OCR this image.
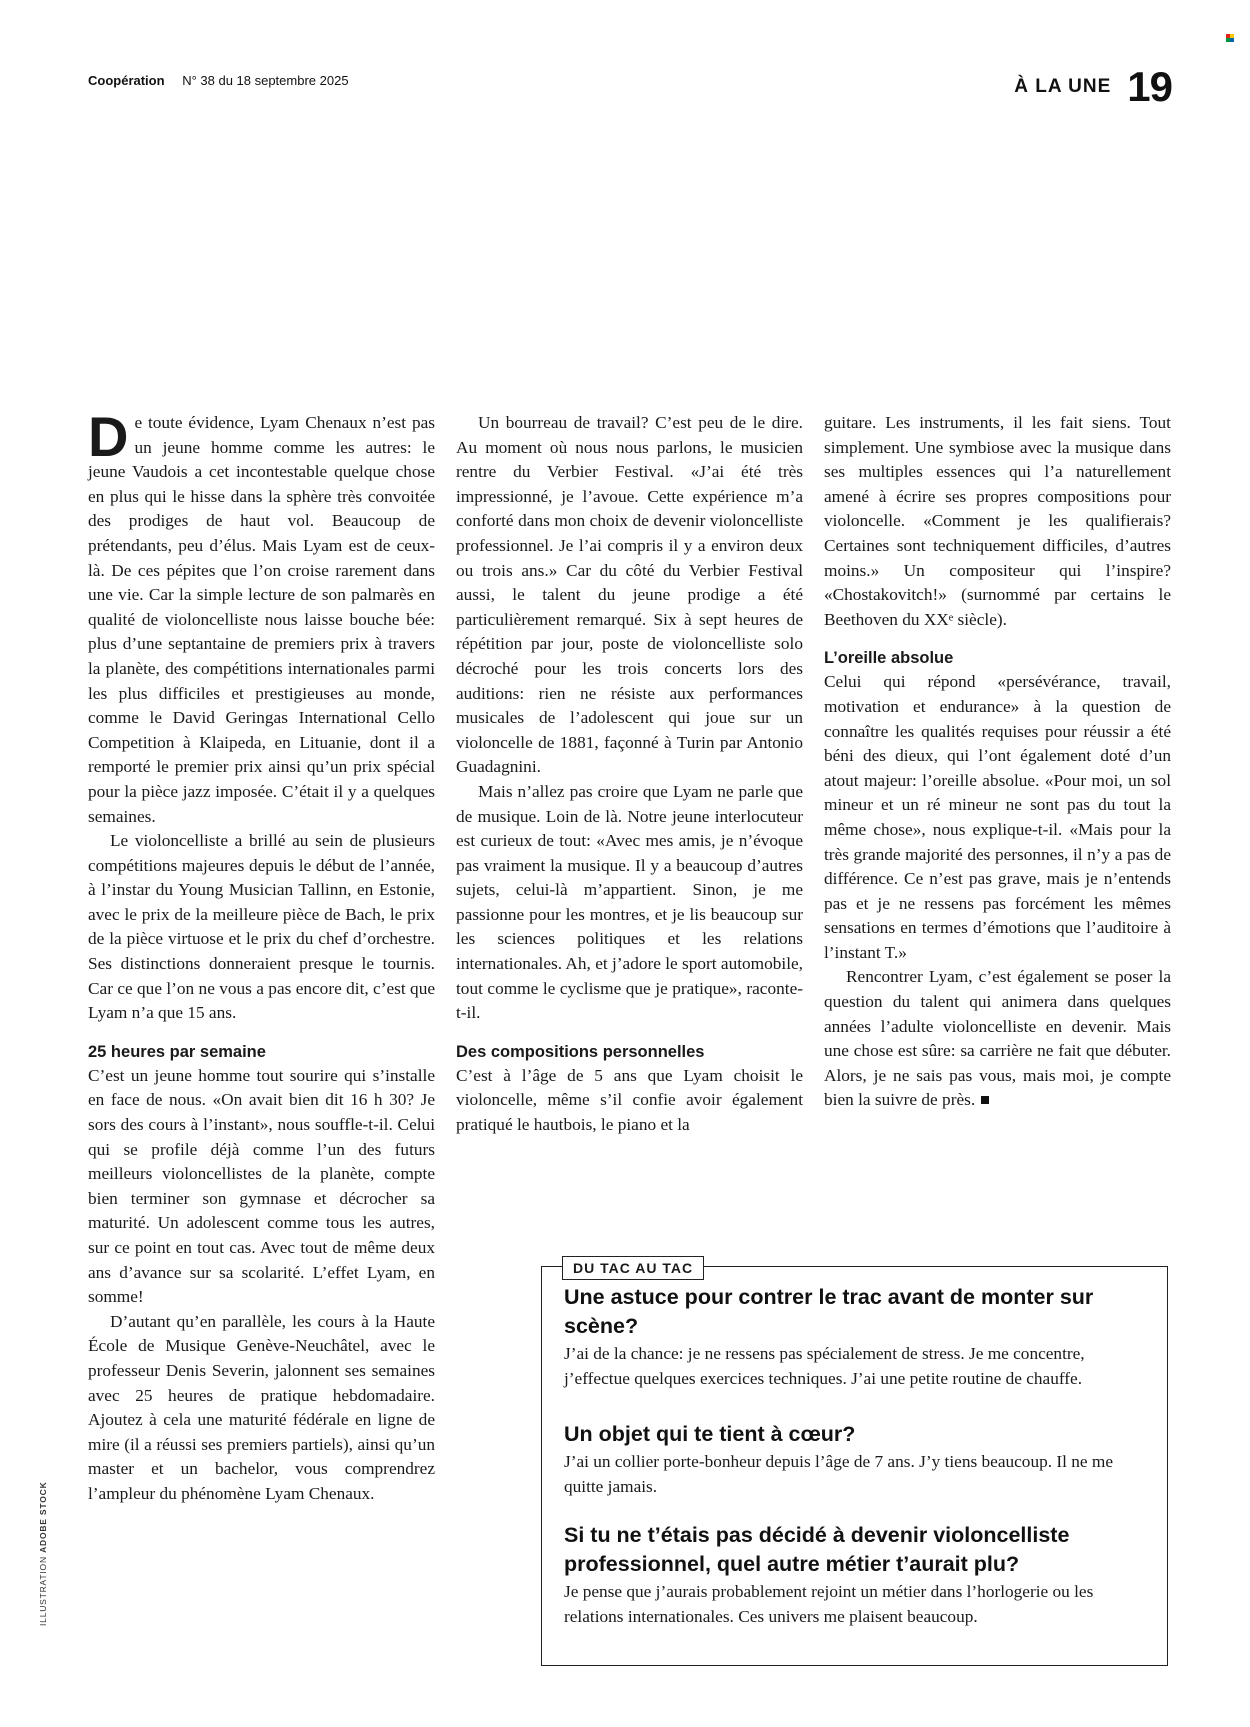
Coopération N° 38 du 18 septembre 2025	À LA UNE 19
ILLUSTRATION ADOBE STOCK

De toute évidence, Lyam Chenaux n’est pas un jeune homme comme les autres: le jeune Vaudois a cet incontestable quelque chose en plus qui le hisse dans la sphère très convoitée des prodiges de haut vol. Beaucoup de prétendants, peu d’élus. Mais Lyam est de ceux-là. De ces pépites que l’on croise rarement dans une vie. Car la simple lecture de son palmarès en qualité de violoncelliste nous laisse bouche bée: plus d’une septantaine de premiers prix à travers la planète, des compétitions internationales parmi les plus difficiles et prestigieuses au monde, comme le David Geringas International Cello Competition à Klaipeda, en Lituanie, dont il a remporté le premier prix ainsi qu’un prix spécial pour la pièce jazz imposée. C’était il y a quelques semaines.

Le violoncelliste a brillé au sein de plusieurs compétitions majeures depuis le début de l’année, à l’instar du Young Musician Tallinn, en Estonie, avec le prix de la meilleure pièce de Bach, le prix de la pièce virtuose et le prix du chef d’orchestre. Ses distinctions donneraient presque le tournis. Car ce que l’on ne vous a pas encore dit, c’est que Lyam n’a que 15 ans.

25 heures par semaine

C’est un jeune homme tout sourire qui s’installe en face de nous. «On avait bien dit 16 h 30? Je sors des cours à l’instant», nous souffle-t-il. Celui qui se profile déjà comme l’un des futurs meilleurs violoncellistes de la planète, compte bien terminer son gymnase et décrocher sa maturité. Un adolescent comme tous les autres, sur ce point en tout cas. Avec tout de même deux ans d’avance sur sa scolarité. L’effet Lyam, en somme!

D’autant qu’en parallèle, les cours à la Haute École de Musique Genève-Neuchâtel, avec le professeur Denis Severin, jalonnent ses semaines avec 25 heures de pratique hebdomadaire. Ajoutez à cela une maturité fédérale en ligne de mire (il a réussi ses premiers partiels), ainsi qu’un master et un bachelor, vous comprendrez l’ampleur du phénomène Lyam Chenaux.

Un bourreau de travail? C’est peu de le dire. Au moment où nous nous parlons, le musicien rentre du Verbier Festival. «J’ai été très impressionné, je l’avoue. Cette expérience m’a conforté dans mon choix de devenir violoncelliste professionnel. Je l’ai compris il y a environ deux ou trois ans.» Car du côté du Verbier Festival aussi, le talent du jeune prodige a été particulièrement remarqué. Six à sept heures de répétition par jour, poste de violoncelliste solo décroché pour les trois concerts lors des auditions: rien ne résiste aux performances musicales de l’adolescent qui joue sur un violoncelle de 1881, façonné à Turin par Antonio Guadagnini.

Mais n’allez pas croire que Lyam ne parle que de musique. Loin de là. Notre jeune interlocuteur est curieux de tout: «Avec mes amis, je n’évoque pas vraiment la musique. Il y a beaucoup d’autres sujets, celui-là m’appartient. Sinon, je me passionne pour les montres, et je lis beaucoup sur les sciences politiques et les relations internationales. Ah, et j’adore le sport automobile, tout comme le cyclisme que je pratique», raconte-t-il.

Des compositions personnelles

C’est à l’âge de 5 ans que Lyam choisit le violoncelle, même s’il confie avoir également pratiqué le hautbois, le piano et la

guitare. Les instruments, il les fait siens. Tout simplement. Une symbiose avec la musique dans ses multiples essences qui l’a naturellement amené à écrire ses propres compositions pour violoncelle. «Comment je les qualifierais? Certaines sont techniquement difficiles, d’autres moins.» Un compositeur qui l’inspire? «Chostakovitch!» (surnommé par certains le Beethoven du XXᵉ siècle).

L’oreille absolue

Celui qui répond «persévérance, travail, motivation et endurance» à la question de connaître les qualités requises pour réussir a été béni des dieux, qui l’ont également doté d’un atout majeur: l’oreille absolue. «Pour moi, un sol mineur et un ré mineur ne sont pas du tout la même chose», nous explique-t-il. «Mais pour la très grande majorité des personnes, il n’y a pas de différence. Ce n’est pas grave, mais je n’entends pas et je ne ressens pas forcément les mêmes sensations en termes d’émotions que l’auditoire à l’instant T.»

Rencontrer Lyam, c’est également se poser la question du talent qui animera dans quelques années l’adulte violoncelliste en devenir. Mais une chose est sûre: sa carrière ne fait que débuter. Alors, je ne sais pas vous, mais moi, je compte bien la suivre de près.

DU TAC AU TAC

Une astuce pour contrer le trac avant de monter sur scène?

J’ai de la chance: je ne ressens pas spécialement de stress. Je me concentre, j’effectue quelques exercices techniques. J’ai une petite routine de chauffe.

Un objet qui te tient à cœur?

J’ai un collier porte-bonheur depuis l’âge de 7 ans. J’y tiens beaucoup. Il ne me quitte jamais.

Si tu ne t’étais pas décidé à devenir violoncelliste professionnel, quel autre métier t’aurait plu?

Je pense que j’aurais probablement rejoint un métier dans l’horlogerie ou les relations internationales. Ces univers me plaisent beaucoup.
